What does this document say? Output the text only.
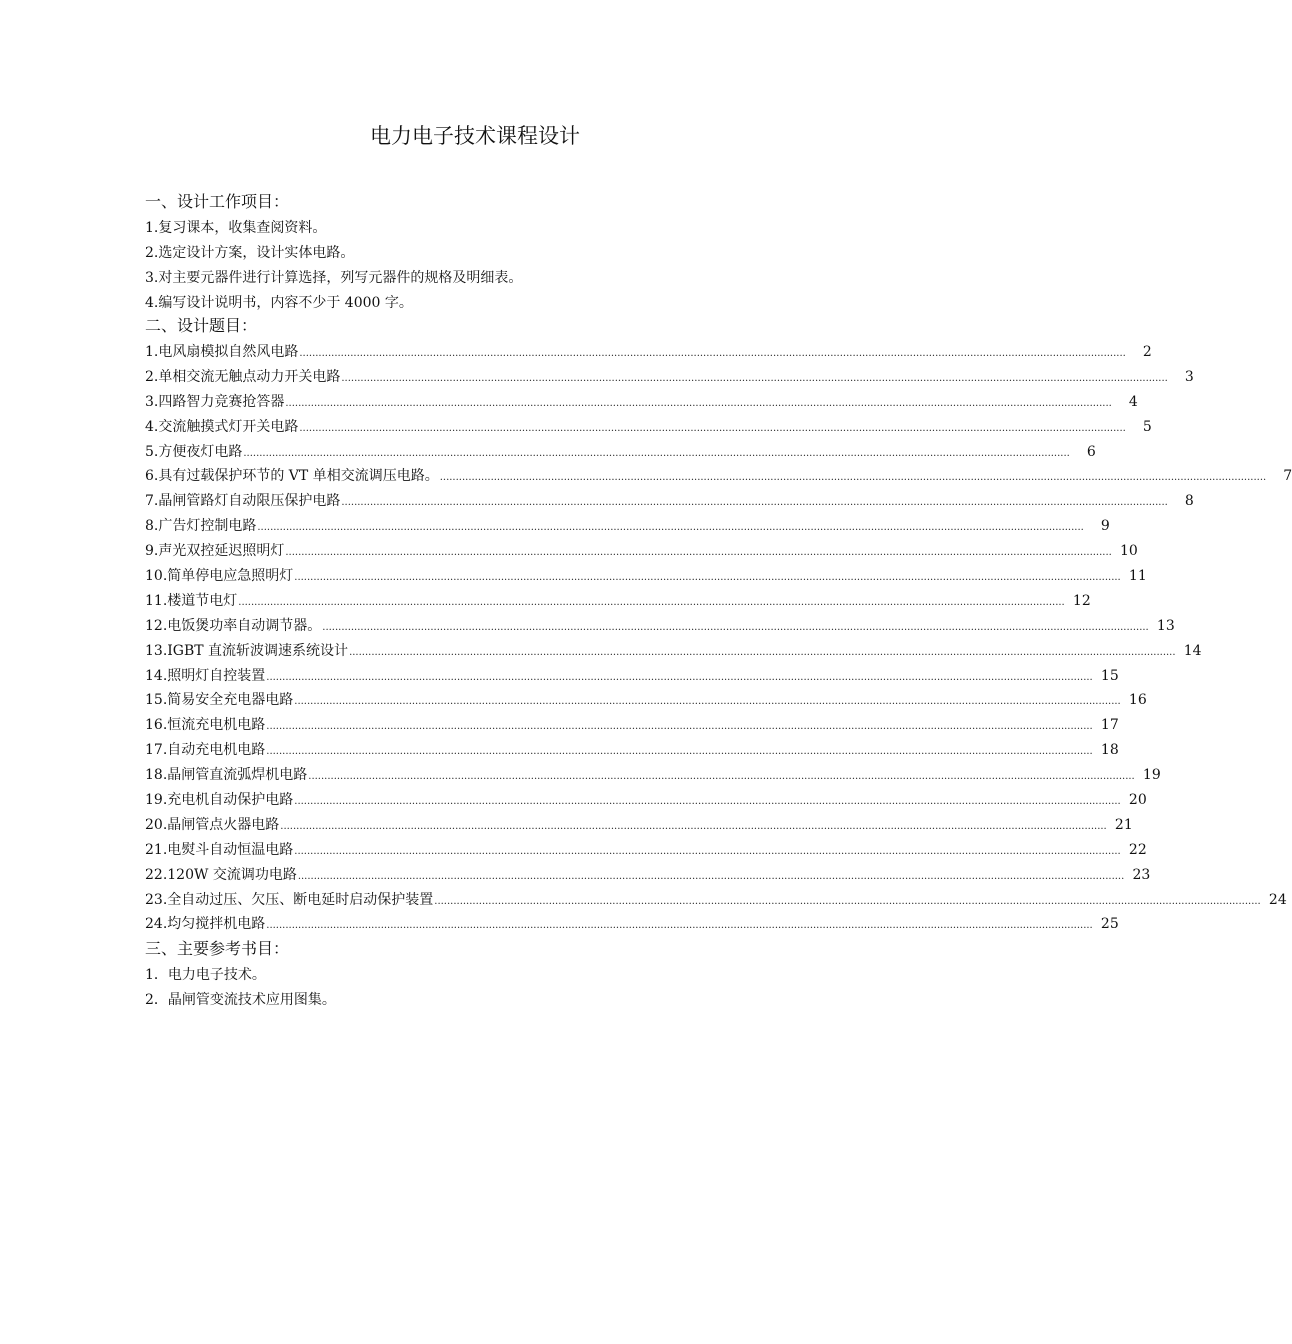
电力电子技术课程设计
一、设计工作项目：
1.复习课本，收集查阅资料。
2.选定设计方案，设计实体电路。
3.对主要元器件进行计算选择，列写元器件的规格及明细表。
4.编写设计说明书，内容不少于 4000 字。
二、设计题目：
1.电风扇模拟自然风电路 ....................................................................................................................................................................................................................................................................	2
2.单相交流无触点动力开关电路 ....................................................................................................................................................................................................................................................................	3
3.四路智力竞赛抢答器 ....................................................................................................................................................................................................................................................................	4
4.交流触摸式灯开关电路 ....................................................................................................................................................................................................................................................................	5
5.方便夜灯电路 ....................................................................................................................................................................................................................................................................	6
6.具有过载保护环节的 VT 单相交流调压电路。 ....................................................................................................................................................................................................................................................................	7
7.晶闸管路灯自动限压保护电路 ....................................................................................................................................................................................................................................................................	8
8.广告灯控制电路 ....................................................................................................................................................................................................................................................................	9
9.声光双控延迟照明灯 .................................................................................................................................................................................................................................................................... 10
10.简单停电应急照明灯 .................................................................................................................................................................................................................................................................... 11
11.楼道节电灯 .................................................................................................................................................................................................................................................................... 12
12.电饭煲功率自动调节器。 .................................................................................................................................................................................................................................................................... 13
13.IGBT 直流斩波调速系统设计 .................................................................................................................................................................................................................................................................... 14
14.照明灯自控装置 .................................................................................................................................................................................................................................................................... 15
15.简易安全充电器电路 .................................................................................................................................................................................................................................................................... 16
16.恒流充电机电路 .................................................................................................................................................................................................................................................................... 17
17.自动充电机电路 .................................................................................................................................................................................................................................................................... 18
18.晶闸管直流弧焊机电路 .................................................................................................................................................................................................................................................................... 19
19.充电机自动保护电路 .................................................................................................................................................................................................................................................................... 20
20.晶闸管点火器电路 .................................................................................................................................................................................................................................................................... 21
21.电熨斗自动恒温电路 .................................................................................................................................................................................................................................................................... 22
22.120W 交流调功电路 .................................................................................................................................................................................................................................................................... 23
23.全自动过压、欠压、断电延时启动保护装置 .................................................................................................................................................................................................................................................................... 24
24.均匀搅拌机电路 .................................................................................................................................................................................................................................................................... 25
三、主要参考书目：
1．电力电子技术。
2．晶闸管变流技术应用图集。
